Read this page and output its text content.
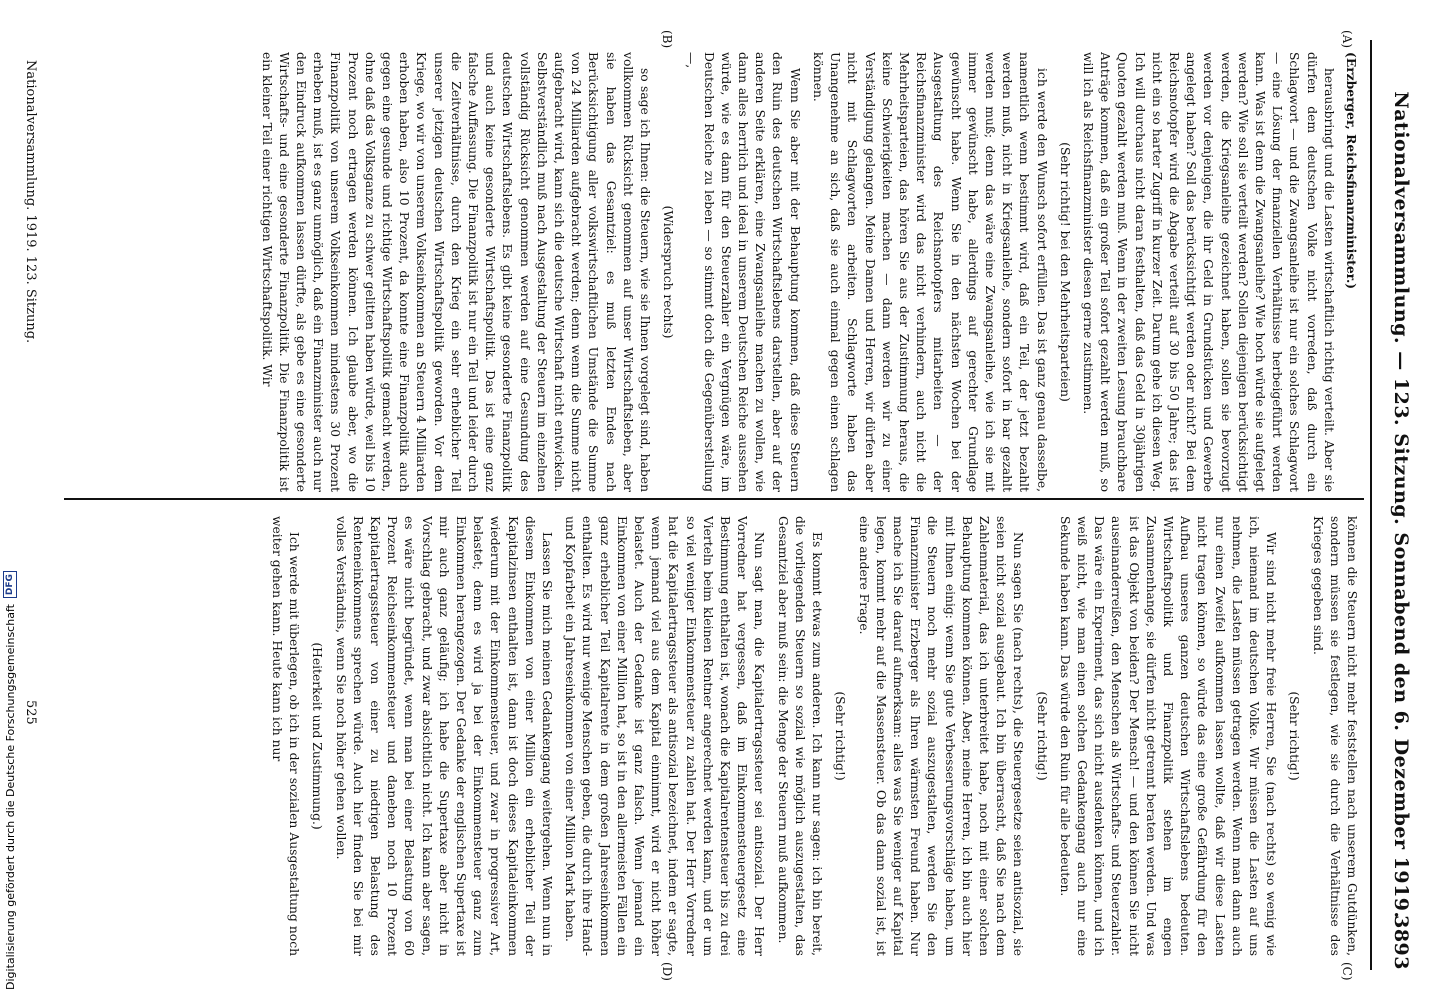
Nationalversammlung. — 123. Sitzung. Sonnabend den 6. Dezember 1919.
3893
(A)
(B)
(C)
(D)

(Erzberger, Reichsfinanzminister.)

herausbringt und die Lasten wirtschaftlich richtig verteilt. Aber sie dürfen dem deutschen Volke nicht vorreden, daß durch ein Schlagwort — und die Zwangsanleihe ist nur ein solches Schlagwort — eine Lösung der finanziellen Verhältnisse herbeigeführt werden kann. Was ist denn die Zwangsanleihe? Wie hoch würde sie aufgelegt werden? Wie soll sie verteilt werden? Sollen diejenigen berücksichtigt werden, die Kriegsanleihe gezeichnet haben, sollen sie bevorzugt werden vor denjenigen, die ihr Geld in Grundstücken und Gewerbe angelegt haben? Soll das berücksichtigt werden oder nicht? Bei dem Reichsnotopfer wird die Abgabe verteilt auf 30 bis 50 Jahre; das ist nicht ein so harter Zugriff in kurzer Zeit. Darum gehe ich diesen Weg. Ich will durchaus nicht daran festhalten, daß das Geld in 30jährigen Quoten gezahlt werden muß. Wenn in der zweiten Lesung brauchbare Anträge kommen, daß ein großer Teil sofort gezahlt werden muß, so will ich als Reichsfinanzminister diesen gerne zustimmen.

(Sehr richtig! bei den Mehrheitsparteien)

ich werde den Wunsch sofort erfüllen. Das ist ganz genau dasselbe, namentlich wenn bestimmt wird, daß ein Teil, der jetzt bezahlt werden muß, nicht in Kriegsanleihe, sondern sofort in bar gezahlt werden muß; denn das wäre eine Zwangsanleihe, wie ich sie mit immer gewünscht habe, allerdings auf gerechter Grundlage gewünscht habe. Wenn Sie in den nächsten Wochen bei der Ausgestaltung des Reichsnotopfers mitarbeiten — der Reichsfinanzminister wird das nicht verhindern, auch nicht die Mehrheitsparteien, das hören Sie aus der Zustimmung heraus, die keine Schwierigkeiten machen — dann werden wir zu einer Verständigung gelangen. Meine Damen und Herren, wir dürfen aber nicht mit Schlagworten arbeiten. Schlagworte haben das Unangenehme an sich, daß sie auch einmal gegen einen schlagen können.

Wenn Sie aber mit der Behauptung kommen, daß diese Steuern den Ruin des deutschen Wirtschaftslebens darstellen, aber auf der anderen Seite erklären, eine Zwangsanleihe machen zu wollen, wie dann alles herrlich und ideal in unserem Deutschen Reiche aussehen würde, wie es dann für den Steuerzahler ein Vergnügen wäre, im Deutschen Reiche zu leben — so stimmt doch die Gegenüberstellung —,

(Widerspruch rechts)

so sage ich Ihnen: die Steuern, wie sie Ihnen vorgelegt sind, haben vollkommen Rücksicht genommen auf unser Wirtschaftsleben, aber sie haben das Gesamtziel: es muß letzten Endes nach Berücksichtigung aller volkswirtschaftlichen Umstände die Summe von 24 Milliarden aufgebracht werden; denn wenn die Summe nicht aufgebracht wird, kann sich die deutsche Wirtschaft nicht entwickeln. Selbstverständlich muß nach Ausgestaltung der Steuern im einzelnen vollständig Rücksicht genommen werden auf eine Gesundung des deutschen Wirtschaftslebens. Es gibt keine gesonderte Finanzpolitik und auch keine gesonderte Wirtschaftspolitik. Das ist eine ganz falsche Auffassung. Die Finanzpolitik ist nur ein Teil und leider durch die Zeitverhältnisse, durch den Krieg ein sehr erheblicher Teil unserer jetzigen deutschen Wirtschaftspolitik geworden. Vor dem Kriege, wo wir von unserem Volkseinkommen an Steuern 4 Milliarden erhoben haben, also 10 Prozent, da konnte eine Finanzpolitik auch gegen eine gesunde und richtige Wirtschaftspolitik gemacht werden, ohne daß das Volksganze zu schwer gelitten haben würde, weil bis 10 Prozent noch ertragen werden können. Ich glaube aber, wo die Finanzpolitik von unserem Volkseinkommen mindestens 30 Prozent erheben muß, ist es ganz unmöglich, daß ein Finanzminister auch nur den Eindruck aufkommen lassen dürfte, als gebe es eine gesonderte Wirtschafts- und eine gesonderte Finanzpolitik. Die Finanzpolitik ist ein kleiner Teil einer richtigen Wirtschaftspolitik. Wir

können die Steuern nicht mehr feststellen nach unserem Gutdünken, sondern müssen sie festlegen, wie sie durch die Verhältnisse des Krieges gegeben sind.

(Sehr richtig!)

Wir sind nicht mehr freie Herren, Sie (nach rechts) so wenig wie ich, niemand im deutschen Volke. Wir müssen die Lasten auf uns nehmen, die Lasten müssen getragen werden. Wenn man dann auch nur einen Zweifel aufkommen lassen wollte, daß wir diese Lasten nicht tragen können, so würde das eine große Gefährdung für den Aufbau unseres ganzen deutschen Wirtschaftslebens bedeuten. Wirtschaftspolitik und Finanzpolitik stehen im engen Zusammenhange, sie dürfen nicht getrennt beraten werden. Und was ist das Objekt von beiden? Der Mensch! — und den können Sie nicht auseinanderreißen, den Menschen als Wirtschafts- und Steuerzahler. Das wäre ein Experiment, das sich nicht ausdenken können, und ich weiß nicht, wie man einen solchen Gedankengang auch nur eine Sekunde haben kann. Das würde den Ruin für alle bedeuten.

(Sehr richtig!)

Nun sagen Sie (nach rechts), die Steuergesetze seien antisozial, sie seien nicht sozial ausgebaut. Ich bin überrascht, daß Sie nach dem Zahlenmaterial, das ich unterbreitet habe, noch mit einer solchen Behauptung kommen können. Aber, meine Herren, ich bin auch hier mit Ihnen einig: wenn Sie gute Verbesserungsvorschläge haben, um die Steuern noch mehr sozial auszugestalten, werden Sie den Finanzminister Erzberger als Ihren wärmsten Freund haben. Nur mache ich Sie darauf aufmerksam: alles was Sie weniger auf Kapital legen, kommt mehr auf die Massensteuer. Ob das dann sozial ist, ist eine andere Frage.

(Sehr richtig!)

Es kommt etwas zum anderen. Ich kann nur sagen: ich bin bereit, die vorliegenden Steuern so sozial wie möglich auszugestalten, das Gesamtziel aber muß sein: die Menge der Steuern muß aufkommen.

Nun sagt man, die Kapitalertragssteuer sei antisozial. Der Herr Vorredner hat vergessen, daß im Einkommensteuergesetz eine Bestimmung enthalten ist, wonach die Kapitalrentensteuer bis zu drei Vierteln beim kleinen Rentner angerechnet werden kann, und er um so viel weniger Einkommensteuer zu zahlen hat. Der Herr Vorredner hat die Kapitalertragssteuer als antisozial bezeichnet, indem er sagte, wenn jemand viel aus dem Kapital einnimmt, wird er nicht höher belastet. Auch der Gedanke ist ganz falsch. Wenn jemand ein Einkommen von einer Million hat, so ist in den allermeisten Fällen ein ganz erheblicher Teil Kapitalrente in dem großen Jahreseinkommen enthalten. Es wird nur wenige Menschen geben, die durch ihre Hand- und Kopfarbeit ein Jahreseinkommen von einer Million Mark haben.

Lassen Sie mich meinen Gedankengang weitergehen. Wenn nun in diesem Einkommen von einer Million ein erheblicher Teil der Kapitalzinsen enthalten ist, dann ist doch dieses Kapitaleinkommen wiederum mit der Einkommensteuer, und zwar in progressiver Art, belastet; denn es wird ja bei der Einkommensteuer ganz zum Einkommen herangezogen. Der Gedanke der englischen Supertaxe ist mir auch ganz geläufig; ich habe die Supertaxe aber nicht in Vorschlag gebracht, und zwar absichtlich nicht. Ich kann aber sagen, es wäre nicht begründet, wenn man bei einer Belastung von 60 Prozent Reichseinkommensteuer und daneben noch 10 Prozent Kapitalertragssteuer von einer zu niedrigen Belastung des Renteneinkommens sprechen würde. Auch hier finden Sie bei mir volles Verständnis, wenn Sie noch höher gehen wollen.

(Heiterkeit und Zustimmung.)

Ich werde mit überlegen, ob ich in der sozialen Ausgestaltung noch weiter gehen kann. Heute kann ich nur

Nationalversammlung. 1919. 123. Sitzung.
525
Digitalisierung gefördert durch die Deutsche Forschungsgemeinschaft
DFG
